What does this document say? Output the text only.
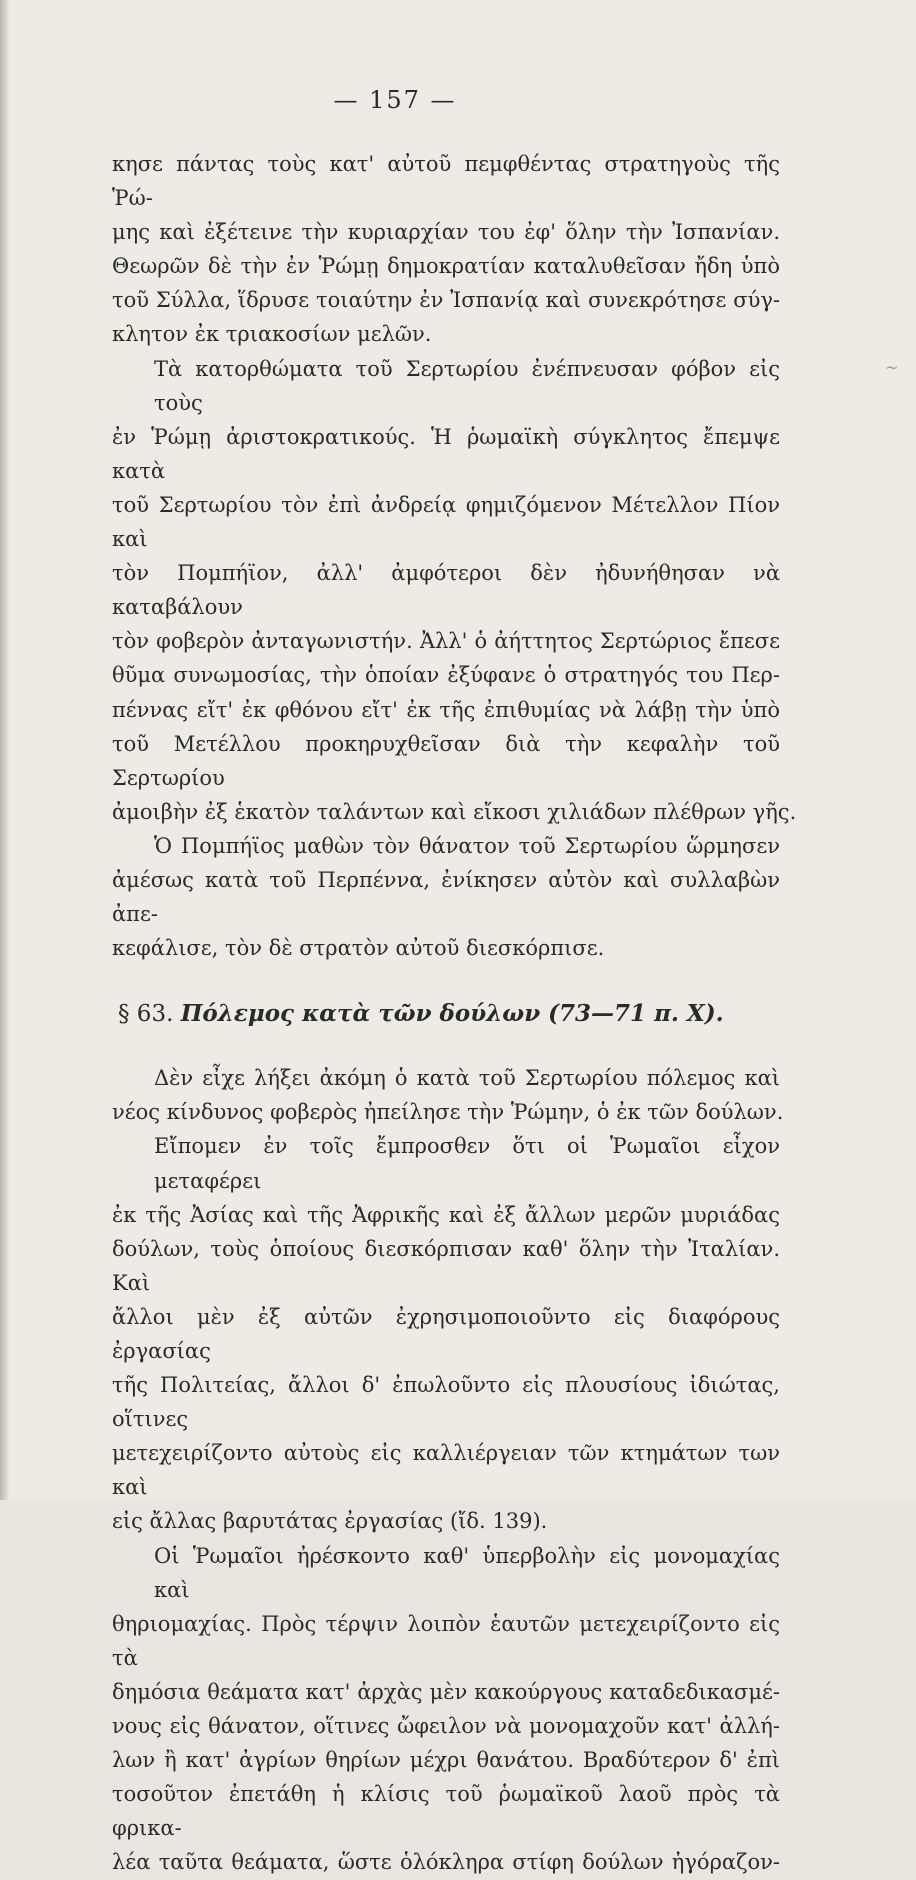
— 157 —
~

κησε πάντας τοὺς κατ' αὐτοῦ πεμφθέντας στρατηγοὺς τῆς Ῥώ-
μης καὶ ἐξέτεινε τὴν κυριαρχίαν του ἐφ' ὅλην τὴν Ἰσπανίαν.
Θεωρῶν δὲ τὴν ἐν Ῥώμῃ δημοκρατίαν καταλυθεῖσαν ἤδη ὑπὸ
τοῦ Σύλλα, ἵδρυσε τοιαύτην ἐν Ἰσπανίᾳ καὶ συνεκρότησε σύγ-
κλητον ἐκ τριακοσίων μελῶν.

Τὰ κατορθώματα τοῦ Σερτωρίου ἐνέπνευσαν φόβον εἰς τοὺς
ἐν Ῥώμῃ ἀριστοκρατικούς. Ἡ ῥωμαϊκὴ σύγκλητος ἔπεμψε κατὰ
τοῦ Σερτωρίου τὸν ἐπὶ ἀνδρείᾳ φημιζόμενον Μέτελλον Πίον καὶ
τὸν Πομπήϊον, ἀλλ' ἀμφότεροι δὲν ἠδυνήθησαν νὰ καταβάλουν
τὸν φοβερὸν ἀνταγωνιστήν. Ἀλλ' ὁ ἀήττητος Σερτώριος ἔπεσε
θῦμα συνωμοσίας, τὴν ὁποίαν ἐξύφανε ὁ στρατηγός του Περ-
πέννας εἴτ' ἐκ φθόνου εἴτ' ἐκ τῆς ἐπιθυμίας νὰ λάβῃ τὴν ὑπὸ
τοῦ Μετέλλου προκηρυχθεῖσαν διὰ τὴν κεφαλὴν τοῦ Σερτωρίου
ἀμοιβὴν ἐξ ἑκατὸν ταλάντων καὶ εἴκοσι χιλιάδων πλέθρων γῆς.

Ὁ Πομπήϊος μαθὼν τὸν θάνατον τοῦ Σερτωρίου ὥρμησεν
ἀμέσως κατὰ τοῦ Περπέννα, ἐνίκησεν αὐτὸν καὶ συλλαβὼν ἀπε-
κεφάλισε, τὸν δὲ στρατὸν αὐτοῦ διεσκόρπισε.

§ 63. Πόλεμος κατὰ τῶν δούλων (73—71 π. Χ).

Δὲν εἶχε λήξει ἀκόμη ὁ κατὰ τοῦ Σερτωρίου πόλεμος καὶ
νέος κίνδυνος φοβερὸς ἠπείλησε τὴν Ῥώμην, ὁ ἐκ τῶν δούλων.

Εἴπομεν ἐν τοῖς ἔμπροσθεν ὅτι οἱ Ῥωμαῖοι εἶχον μεταφέρει
ἐκ τῆς Ἀσίας καὶ τῆς Ἀφρικῆς καὶ ἐξ ἄλλων μερῶν μυριάδας
δούλων, τοὺς ὁποίους διεσκόρπισαν καθ' ὅλην τὴν Ἰταλίαν. Καὶ
ἄλλοι μὲν ἐξ αὐτῶν ἐχρησιμοποιοῦντο εἰς διαφόρους ἐργασίας
τῆς Πολιτείας, ἄλλοι δ' ἐπωλοῦντο εἰς πλουσίους ἰδιώτας, οἵτινες
μετεχειρίζοντο αὐτοὺς εἰς καλλιέργειαν τῶν κτημάτων των καὶ
εἰς ἄλλας βαρυτάτας ἐργασίας (ἴδ. 139).

Οἱ Ῥωμαῖοι ἠρέσκοντο καθ' ὑπερβολὴν εἰς μονομαχίας καὶ
θηριομαχίας. Πρὸς τέρψιν λοιπὸν ἑαυτῶν μετεχειρίζοντο εἰς τὰ
δημόσια θεάματα κατ' ἀρχὰς μὲν κακούργους καταδεδικασμέ-
νους εἰς θάνατον, οἵτινες ὤφειλον νὰ μονομαχοῦν κατ' ἀλλή-
λων ἢ κατ' ἀγρίων θηρίων μέχρι θανάτου. Βραδύτερον δ' ἐπὶ
τοσοῦτον ἐπετάθη ἡ κλίσις τοῦ ῥωμαϊκοῦ λαοῦ πρὸς τὰ φρικα-
λέα ταῦτα θεάματα, ὥστε ὁλόκληρα στίφη δούλων ἠγόραζον-
